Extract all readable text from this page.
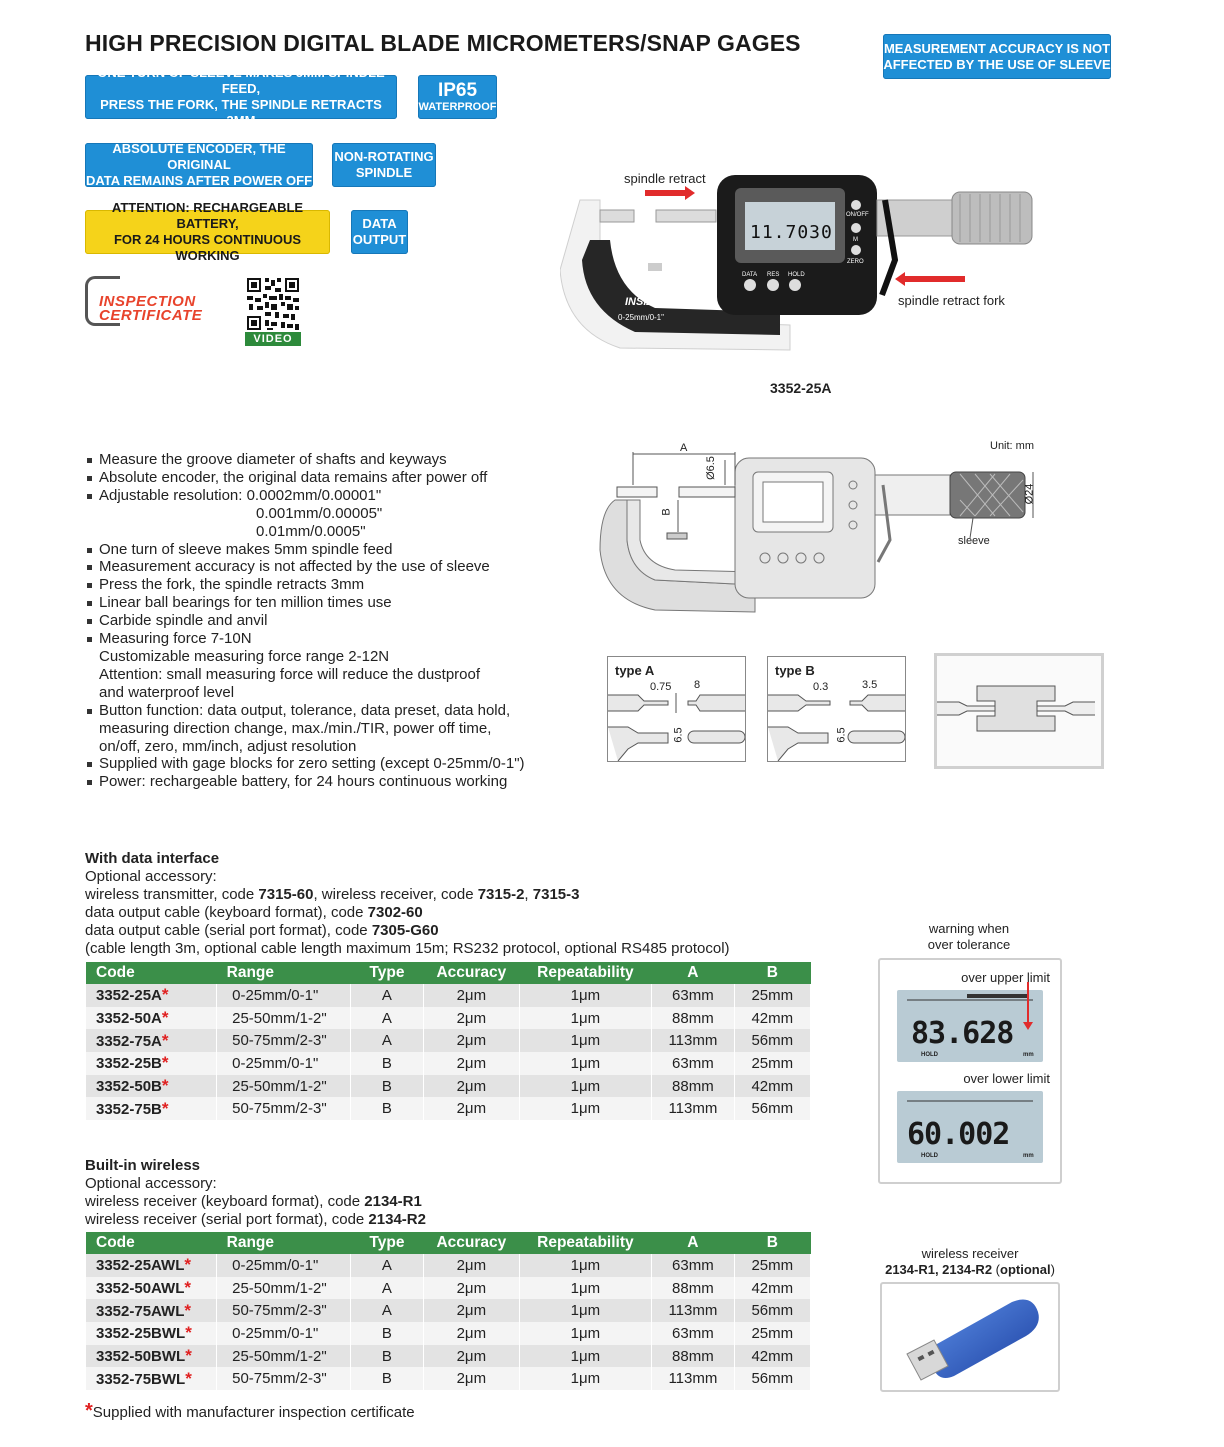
HIGH PRECISION DIGITAL BLADE MICROMETERS/SNAP GAGES	MEASUREMENT ACCURACY IS NOT
AFFECTED BY THE USE OF SLEEVE
ONE TURN OF SLEEVE MAKES 5MM SPINDLE FEED,
PRESS THE FORK, THE SPINDLE RETRACTS 3MM
IP65
WATERPROOF
ABSOLUTE ENCODER, THE ORIGINAL
DATA REMAINS AFTER POWER OFF
NON-ROTATING
SPINDLE
ATTENTION: RECHARGEABLE BATTERY,
FOR 24 HOURS CONTINUOUS WORKING
DATA
OUTPUT
INSPECTION
CERTIFICATE
VIDEO
11.7030
ON/OFF
M
ZERO
DATA RES HOLD
INSIZE
0-25mm/0-1"
spindle retract
spindle retract fork
3352-25A
A
B
Ø6.5
Ø24
sleeve
Unit: mm
type A
0.75 8
6.5
type B
0.3	3.5
6.5
Measure the groove diameter of shafts and keyways
Absolute encoder, the original data remains after power off
Adjustable resolution: 0.0002mm/0.00001"
0.001mm/0.00005"
0.01mm/0.0005"
One turn of sleeve makes 5mm spindle feed
Measurement accuracy is not affected by the use of sleeve
Press the fork, the spindle retracts 3mm
Linear ball bearings for ten million times use
Carbide spindle and anvil
Measuring force 7-10N
Customizable measuring force range 2-12N
Attention: small measuring force will reduce the dustproof
and waterproof level
Button function: data output, tolerance, data preset, data hold,
measuring direction change, max./min./TIR, power off time,
on/off, zero, mm/inch, adjust resolution
Supplied with gage blocks for zero setting (except 0-25mm/0-1")
Power: rechargeable battery, for 24 hours continuous working
With data interface
Optional accessory:
wireless transmitter, code 7315-60, wireless receiver, code 7315-2, 7315-3
data output cable (keyboard format), code 7302-60
data output cable (serial port format), code 7305-G60
(cable length 3m, optional cable length maximum 15m; RS232 protocol, optional RS485 protocol)
Code	Range	Type	Accuracy	Repeatability	A	B
3352-25A*	0-25mm/0-1"	A	2μm	1μm	63mm	25mm
3352-50A*	25-50mm/1-2"	A	2μm	1μm	88mm	42mm
3352-75A*	50-75mm/2-3"	A	2μm	1μm	113mm	56mm
3352-25B*	0-25mm/0-1"	B	2μm	1μm	63mm	25mm
3352-50B*	25-50mm/1-2"	B	2μm	1μm	88mm	42mm
3352-75B*	50-75mm/2-3"	B	2μm	1μm	113mm	56mm
Built-in wireless
Optional accessory:
wireless receiver (keyboard format), code 2134-R1
wireless receiver (serial port format), code 2134-R2
Code	Range	Type	Accuracy	Repeatability	A	B
3352-25AWL*	0-25mm/0-1"	A	2μm	1μm	63mm	25mm
3352-50AWL*	25-50mm/1-2"	A	2μm	1μm	88mm	42mm
3352-75AWL*	50-75mm/2-3"	A	2μm	1μm	113mm	56mm
3352-25BWL*	0-25mm/0-1"	B	2μm	1μm	63mm	25mm
3352-50BWL*	25-50mm/1-2"	B	2μm	1μm	88mm	42mm
3352-75BWL*	50-75mm/2-3"	B	2μm	1μm	113mm	56mm
*Supplied with manufacturer inspection certificate
warning when
over tolerance
over upper limit
83.628
HOLD	mm
over lower limit
60.002
HOLD	mm
wireless receiver
2134-R1, 2134-R2 (optional)
